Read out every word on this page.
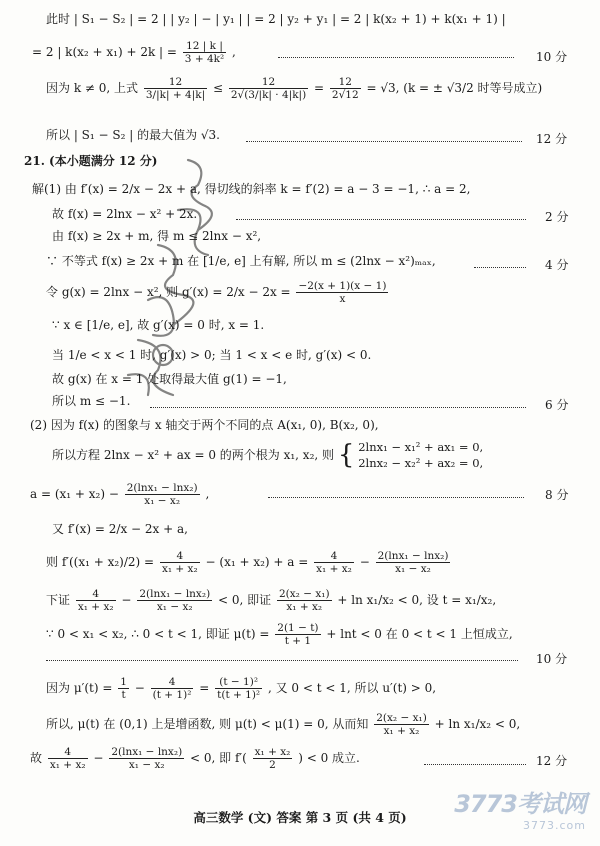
此时 | S₁ − S₂ | = 2 | | y₂ | − | y₁ | | = 2 | y₂ + y₁ | = 2 | k(x₂ + 1) + k(x₁ + 1) |
= 2 | k(x₂ + x₁) + 2k | = $\frac{12 | k |}{\text{3 + 4k²}}$ ,	10 分
因为 k ≠ 0, 上式 $\frac{12}{3/|k| + 4|k|} \le \frac{12}{2√(3/|k| \cdot 4|k|)} = \frac{12}{2√12} = √3$, (k = ± √3/2 时等号成立)
所以 | S₁ − S₂ | 的最大值为 √3.	12 分
21. (本小题满分 12 分)
解(1) 由 f′(x) = 2/x − 2x + a, 得切线的斜率 k = f′(2) = a − 3 = −1, ∴ a = 2,
故 f(x) = 2lnx − x² + 2x.	2 分
由 f(x) ≥ 2x + m, 得 m ≤ 2lnx − x²,
∵ 不等式 f(x) ≥ 2x + m 在 [1/e, e] 上有解, 所以 m ≤ (2lnx − x²)ₘₐₓ,	4 分
令 g(x) = 2lnx − x², 则 $g'(x) = 2/x - 2x = \frac{-2(x + 1)(x - 1)}{x}$
∵ x ∈ [1/e, e], 故 g′(x) = 0 时, x = 1.
当 1/e < x < 1 时, g′(x) > 0; 当 1 < x < e 时, g′(x) < 0.
故 g(x) 在 x = 1 处取得最大值 g(1) = −1,
所以 m ≤ −1.	6 分
(2) 因为 f(x) 的图象与 x 轴交于两个不同的点 A(x₁, 0), B(x₂, 0),
所以方程 2lnx − x² + ax = 0 的两个根为 x₁, x₂, 则 { 2lnx₁ − x₁² + ax₁ = 0,
2lnx₂ − x₂² + ax₂ = 0,
$a = (x_1 + x_2) - \frac{\text{2(lnx₁ − lnx₂)}}{\text{x₁ − x₂}}$ ,	8 分
又 f′(x) = 2/x − 2x + a,
则 $f'((x_1 + x_2)/2) = \frac{4}{\text{x₁ + x₂}} - (x_1 + x_2) + a = \frac{4}{\text{x₁ + x₂}} - \frac{\text{2(lnx₁ − lnx₂)}}{\text{x₁ − x₂}}$
下证 $\frac{4}{\text{x₁ + x₂}} - \frac{\text{2(lnx₁ − lnx₂)}}{\text{x₁ − x₂}} < 0$, 即证 $\frac{\text{2(x₂ − x₁)}}{\text{x₁ + x₂}} + \ln x_1/x_2 < 0$, 设 t = x₁/x₂,
∵ 0 < x₁ < x₂, ∴ 0 < t < 1, 即证 $\mu(t) = \frac{2(1 - t)}{t + 1} + \ln t < 0$ 在 0 < t < 1 上恒成立,
10 分
因为 $\mu'(t) = \frac{1}{t} - \frac{4}{\text{(t + 1)²}} = \frac{\text{(t − 1)²}}{\text{t(t + 1)²}}$ , 又 0 < t < 1, 所以 u′(t) > 0,
所以, μ(t) 在 (0,1) 上是增函数, 则 μ(t) < μ(1) = 0, 从而知 $\frac{\text{2(x₂ − x₁)}}{\text{x₁ + x₂}} + \ln x_1/x_2 < 0$,
故 $\frac{4}{\text{x₁ + x₂}} - \frac{\text{2(lnx₁ − lnx₂)}}{\text{x₁ − x₂}} < 0$, 即 $f'( \frac{\text{x₁ + x₂}}{2}$ ) < 0 成立.	12 分
高三数学 (文) 答案 第 3 页 (共 4 页)	3773考试网
3773.com
